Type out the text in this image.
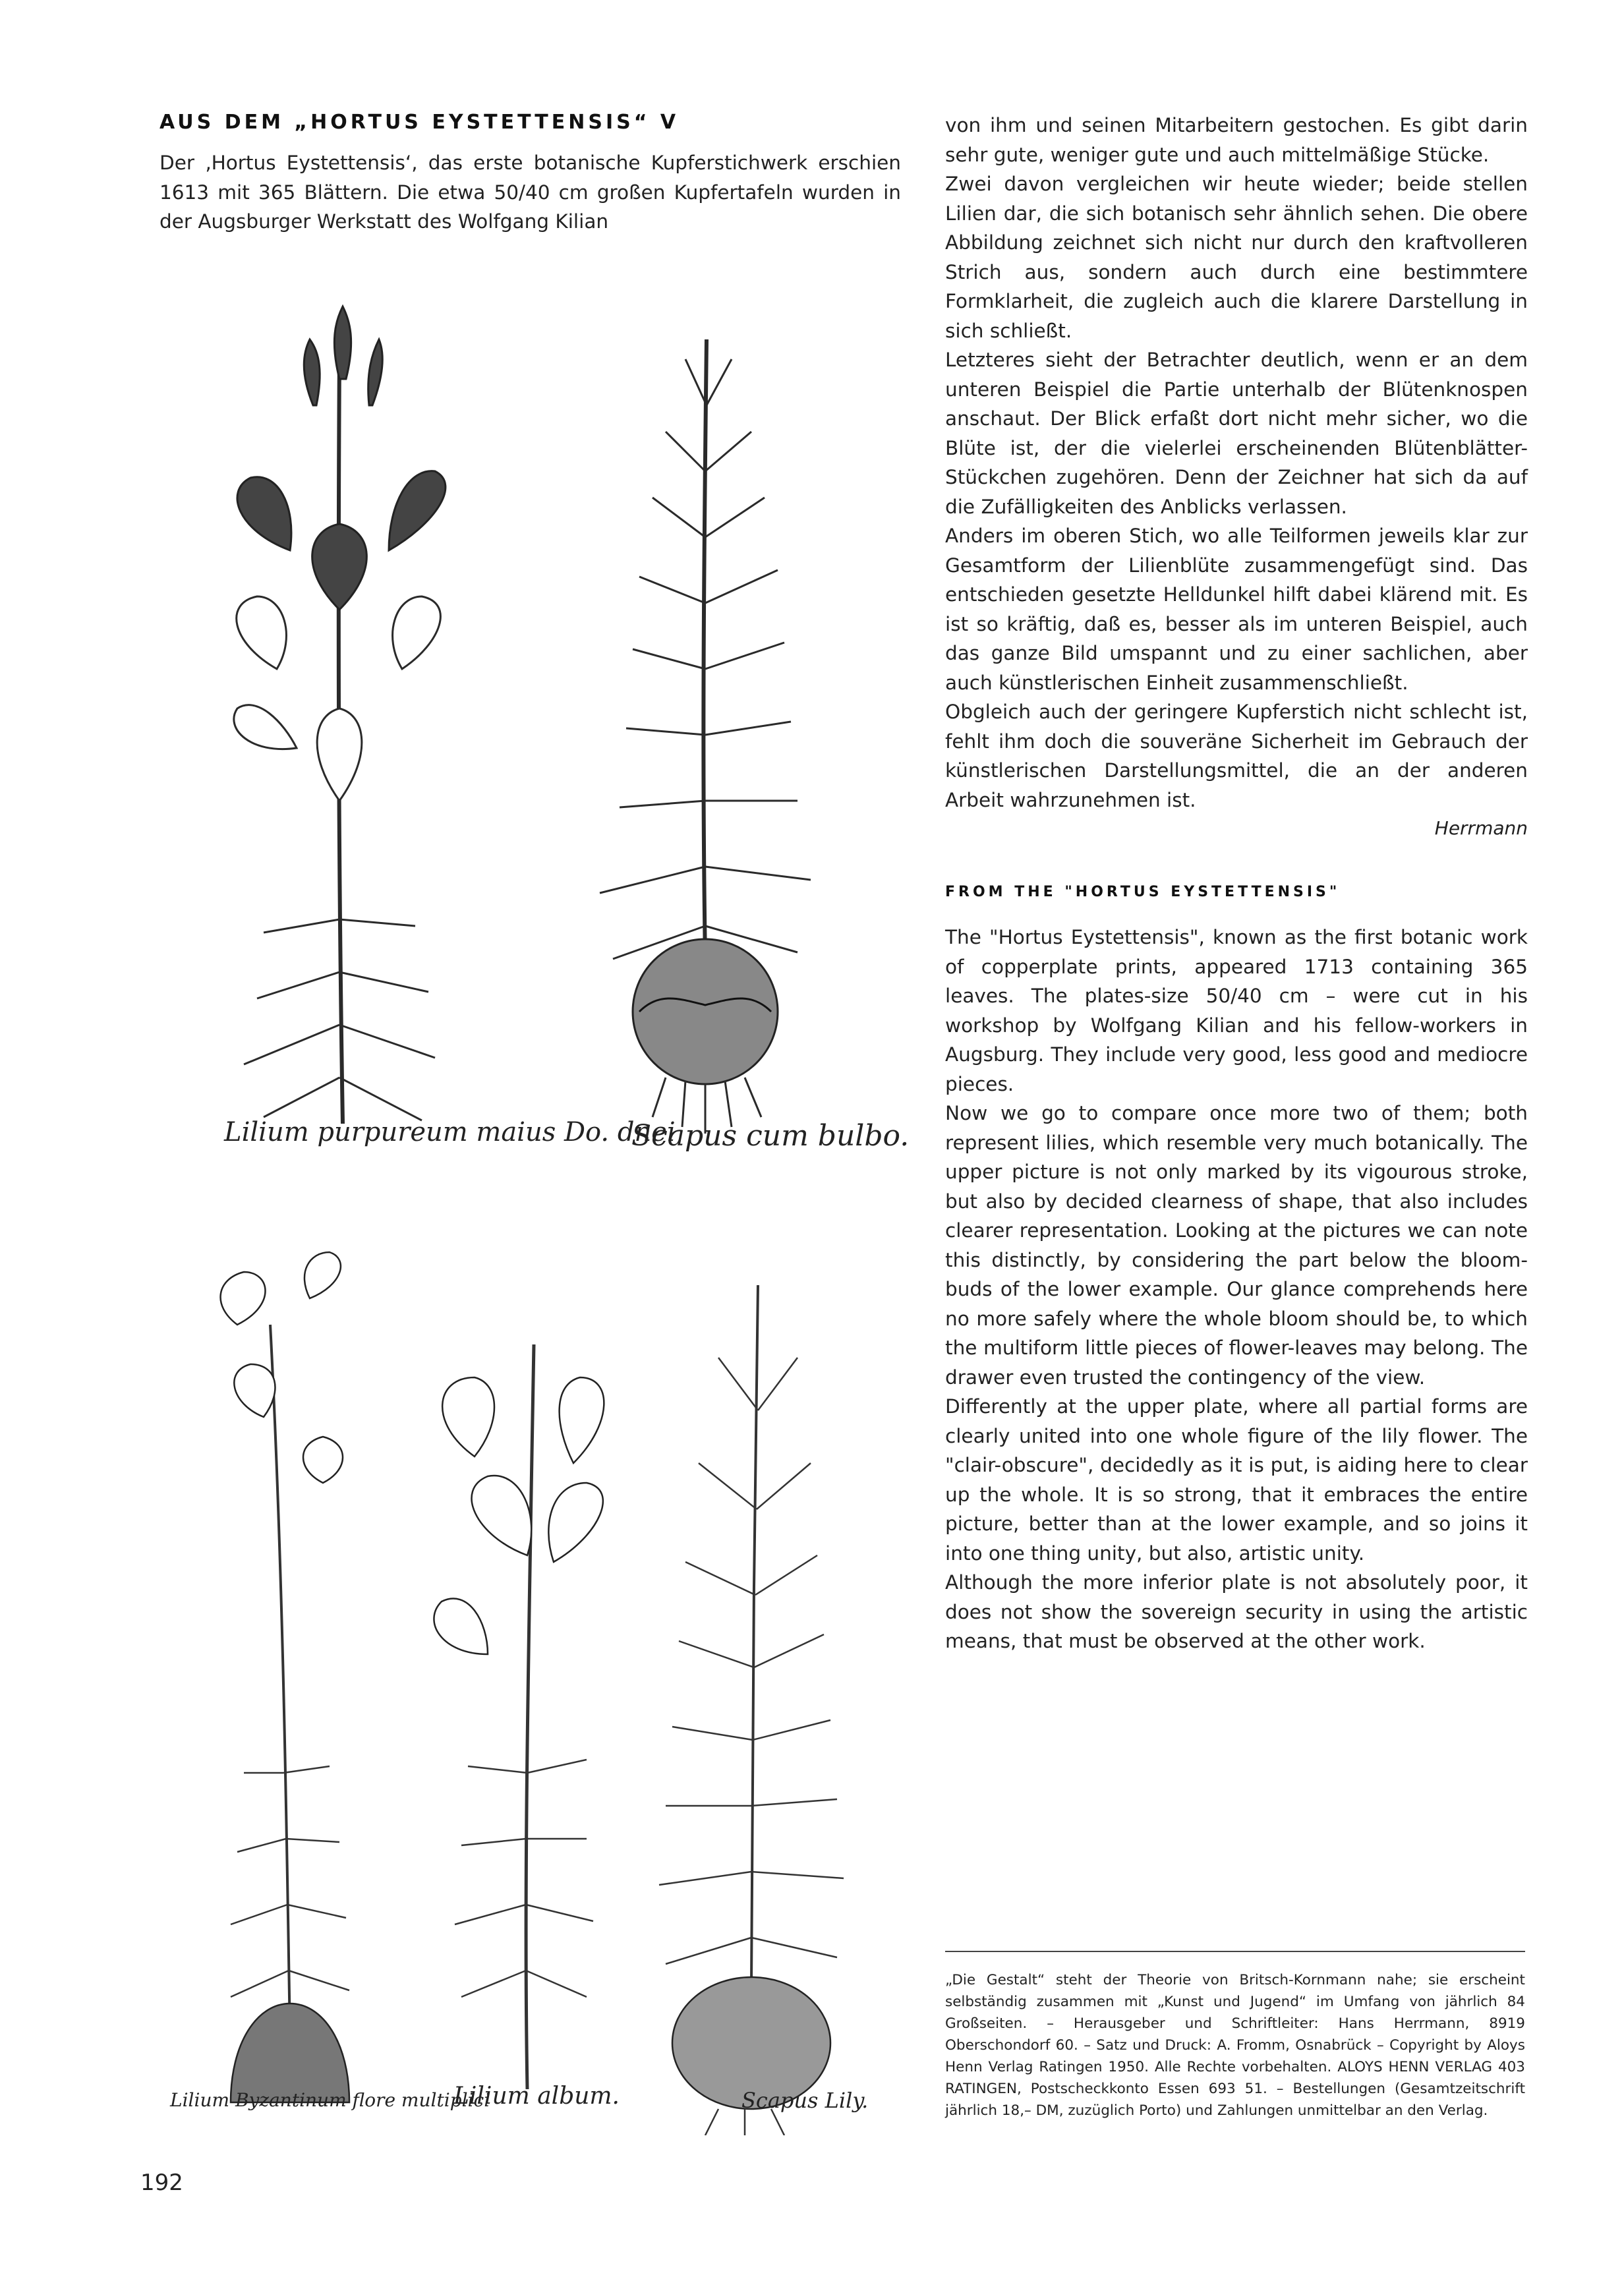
AUS DEM „HORTUS EYSTETTENSIS“ V

Der ‚Hortus Eystettensis‘, das erste botanische Kupferstichwerk erschien 1613 mit 365 Blättern. Die etwa 50/40 cm großen Kupfertafeln wurden in der Augsburger Werkstatt des Wolfgang Kilian

Lilium purpureum maius Do. dnei
Scapus cum bulbo.
Lilium Byzantinum flore multiplici
Lilium album.	Scapus Lily.

von ihm und seinen Mitarbeitern gestochen. Es gibt darin sehr gute, weniger gute und auch mittelmäßige Stücke.

Zwei davon vergleichen wir heute wieder; beide stellen Lilien dar, die sich botanisch sehr ähnlich sehen. Die obere Abbildung zeichnet sich nicht nur durch den kraftvolleren Strich aus, sondern auch durch eine bestimmtere Formklarheit, die zugleich auch die klarere Darstellung in sich schließt.

Letzteres sieht der Betrachter deutlich, wenn er an dem unteren Beispiel die Partie unterhalb der Blütenknospen anschaut. Der Blick erfaßt dort nicht mehr sicher, wo die Blüte ist, der die vielerlei erscheinenden Blütenblätter-Stückchen zugehören. Denn der Zeichner hat sich da auf die Zufälligkeiten des Anblicks verlassen.

Anders im oberen Stich, wo alle Teilformen jeweils klar zur Gesamtform der Lilienblüte zusammengefügt sind. Das entschieden gesetzte Helldunkel hilft dabei klärend mit. Es ist so kräftig, daß es, besser als im unteren Beispiel, auch das ganze Bild umspannt und zu einer sachlichen, aber auch künstlerischen Einheit zusammenschließt.

Obgleich auch der geringere Kupferstich nicht schlecht ist, fehlt ihm doch die souveräne Sicherheit im Gebrauch der künstlerischen Darstellungsmittel, die an der anderen Arbeit wahrzunehmen ist.

Herrmann

FROM THE "HORTUS EYSTETTENSIS"

The "Hortus Eystettensis", known as the first botanic work of copperplate prints, appeared 1713 containing 365 leaves. The plates-size 50/40 cm – were cut in his workshop by Wolfgang Kilian and his fellow-workers in Augsburg. They include very good, less good and mediocre pieces.

Now we go to compare once more two of them; both represent lilies, which resemble very much botanically. The upper picture is not only marked by its vigourous stroke, but also by decided clearness of shape, that also includes clearer representation. Looking at the pictures we can note this distinctly, by considering the part below the bloom-buds of the lower example. Our glance comprehends here no more safely where the whole bloom should be, to which the multiform little pieces of flower-leaves may belong. The drawer even trusted the contingency of the view.

Differently at the upper plate, where all partial forms are clearly united into one whole figure of the lily flower. The "clair-obscure", decidedly as it is put, is aiding here to clear up the whole. It is so strong, that it embraces the entire picture, better than at the lower example, and so joins it into one thing unity, but also, artistic unity.

Although the more inferior plate is not absolutely poor, it does not show the sovereign security in using the artistic means, that must be observed at the other work.

„Die Gestalt“ steht der Theorie von Britsch-Kornmann nahe; sie erscheint selbständig zusammen mit „Kunst und Jugend“ im Umfang von jährlich 84 Großseiten. – Herausgeber und Schriftleiter: Hans Herrmann, 8919 Oberschondorf 60. – Satz und Druck: A. Fromm, Osnabrück – Copyright by Aloys Henn Verlag Ratingen 1950. Alle Rechte vorbehalten. ALOYS HENN VERLAG 403 RATINGEN, Postscheckkonto Essen 693 51. – Bestellungen (Gesamtzeitschrift jährlich 18,– DM, zuzüglich Porto) und Zahlungen unmittelbar an den Verlag.

192
